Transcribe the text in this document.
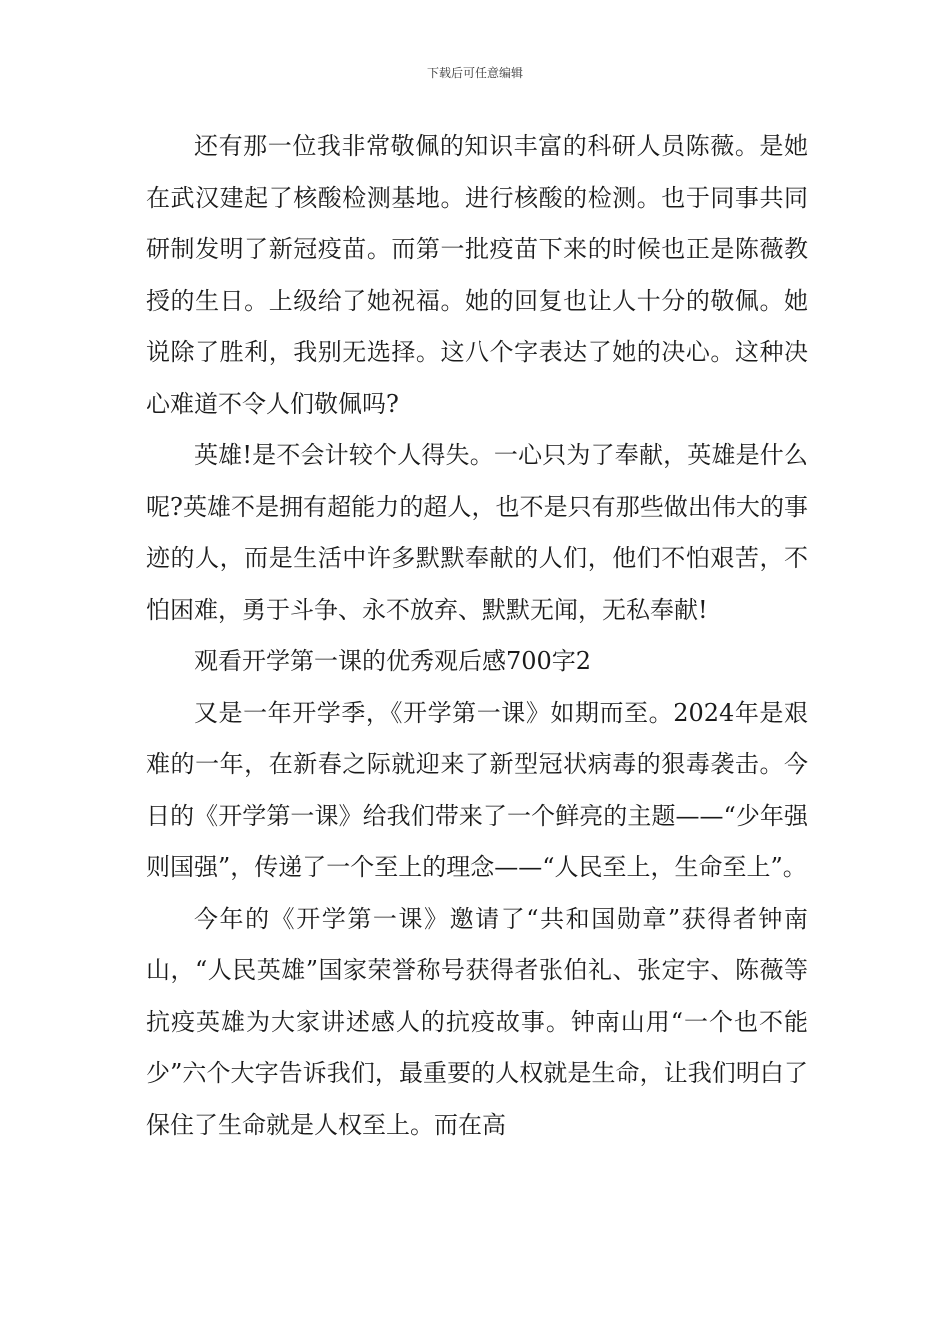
下载后可任意编辑

还有那一位我非常敬佩的知识丰富的科研人员陈薇。是她在武汉建起了核酸检测基地。进行核酸的检测。也于同事共同研制发明了新冠疫苗。而第一批疫苗下来的时候也正是陈薇教授的生日。上级给了她祝福。她的回复也让人十分的敬佩。她说除了胜利，我别无选择。这八个字表达了她的决心。这种决心难道不令人们敬佩吗?

英雄!是不会计较个人得失。一心只为了奉献，英雄是什么呢?英雄不是拥有超能力的超人，也不是只有那些做出伟大的事迹的人，而是生活中许多默默奉献的人们，他们不怕艰苦，不怕困难，勇于斗争、永不放弃、默默无闻，无私奉献!

观看开学第一课的优秀观后感700字2

又是一年开学季，《开学第一课》如期而至。2024年是艰难的一年，在新春之际就迎来了新型冠状病毒的狠毒袭击。今日的《开学第一课》给我们带来了一个鲜亮的主题——“少年强则国强”，传递了一个至上的理念——“人民至上，生命至上”。

今年的《开学第一课》邀请了“共和国勋章”获得者钟南山，“人民英雄”国家荣誉称号获得者张伯礼、张定宇、陈薇等抗疫英雄为大家讲述感人的抗疫故事。钟南山用“一个也不能少”六个大字告诉我们，最重要的人权就是生命，让我们明白了保住了生命就是人权至上。而在高
